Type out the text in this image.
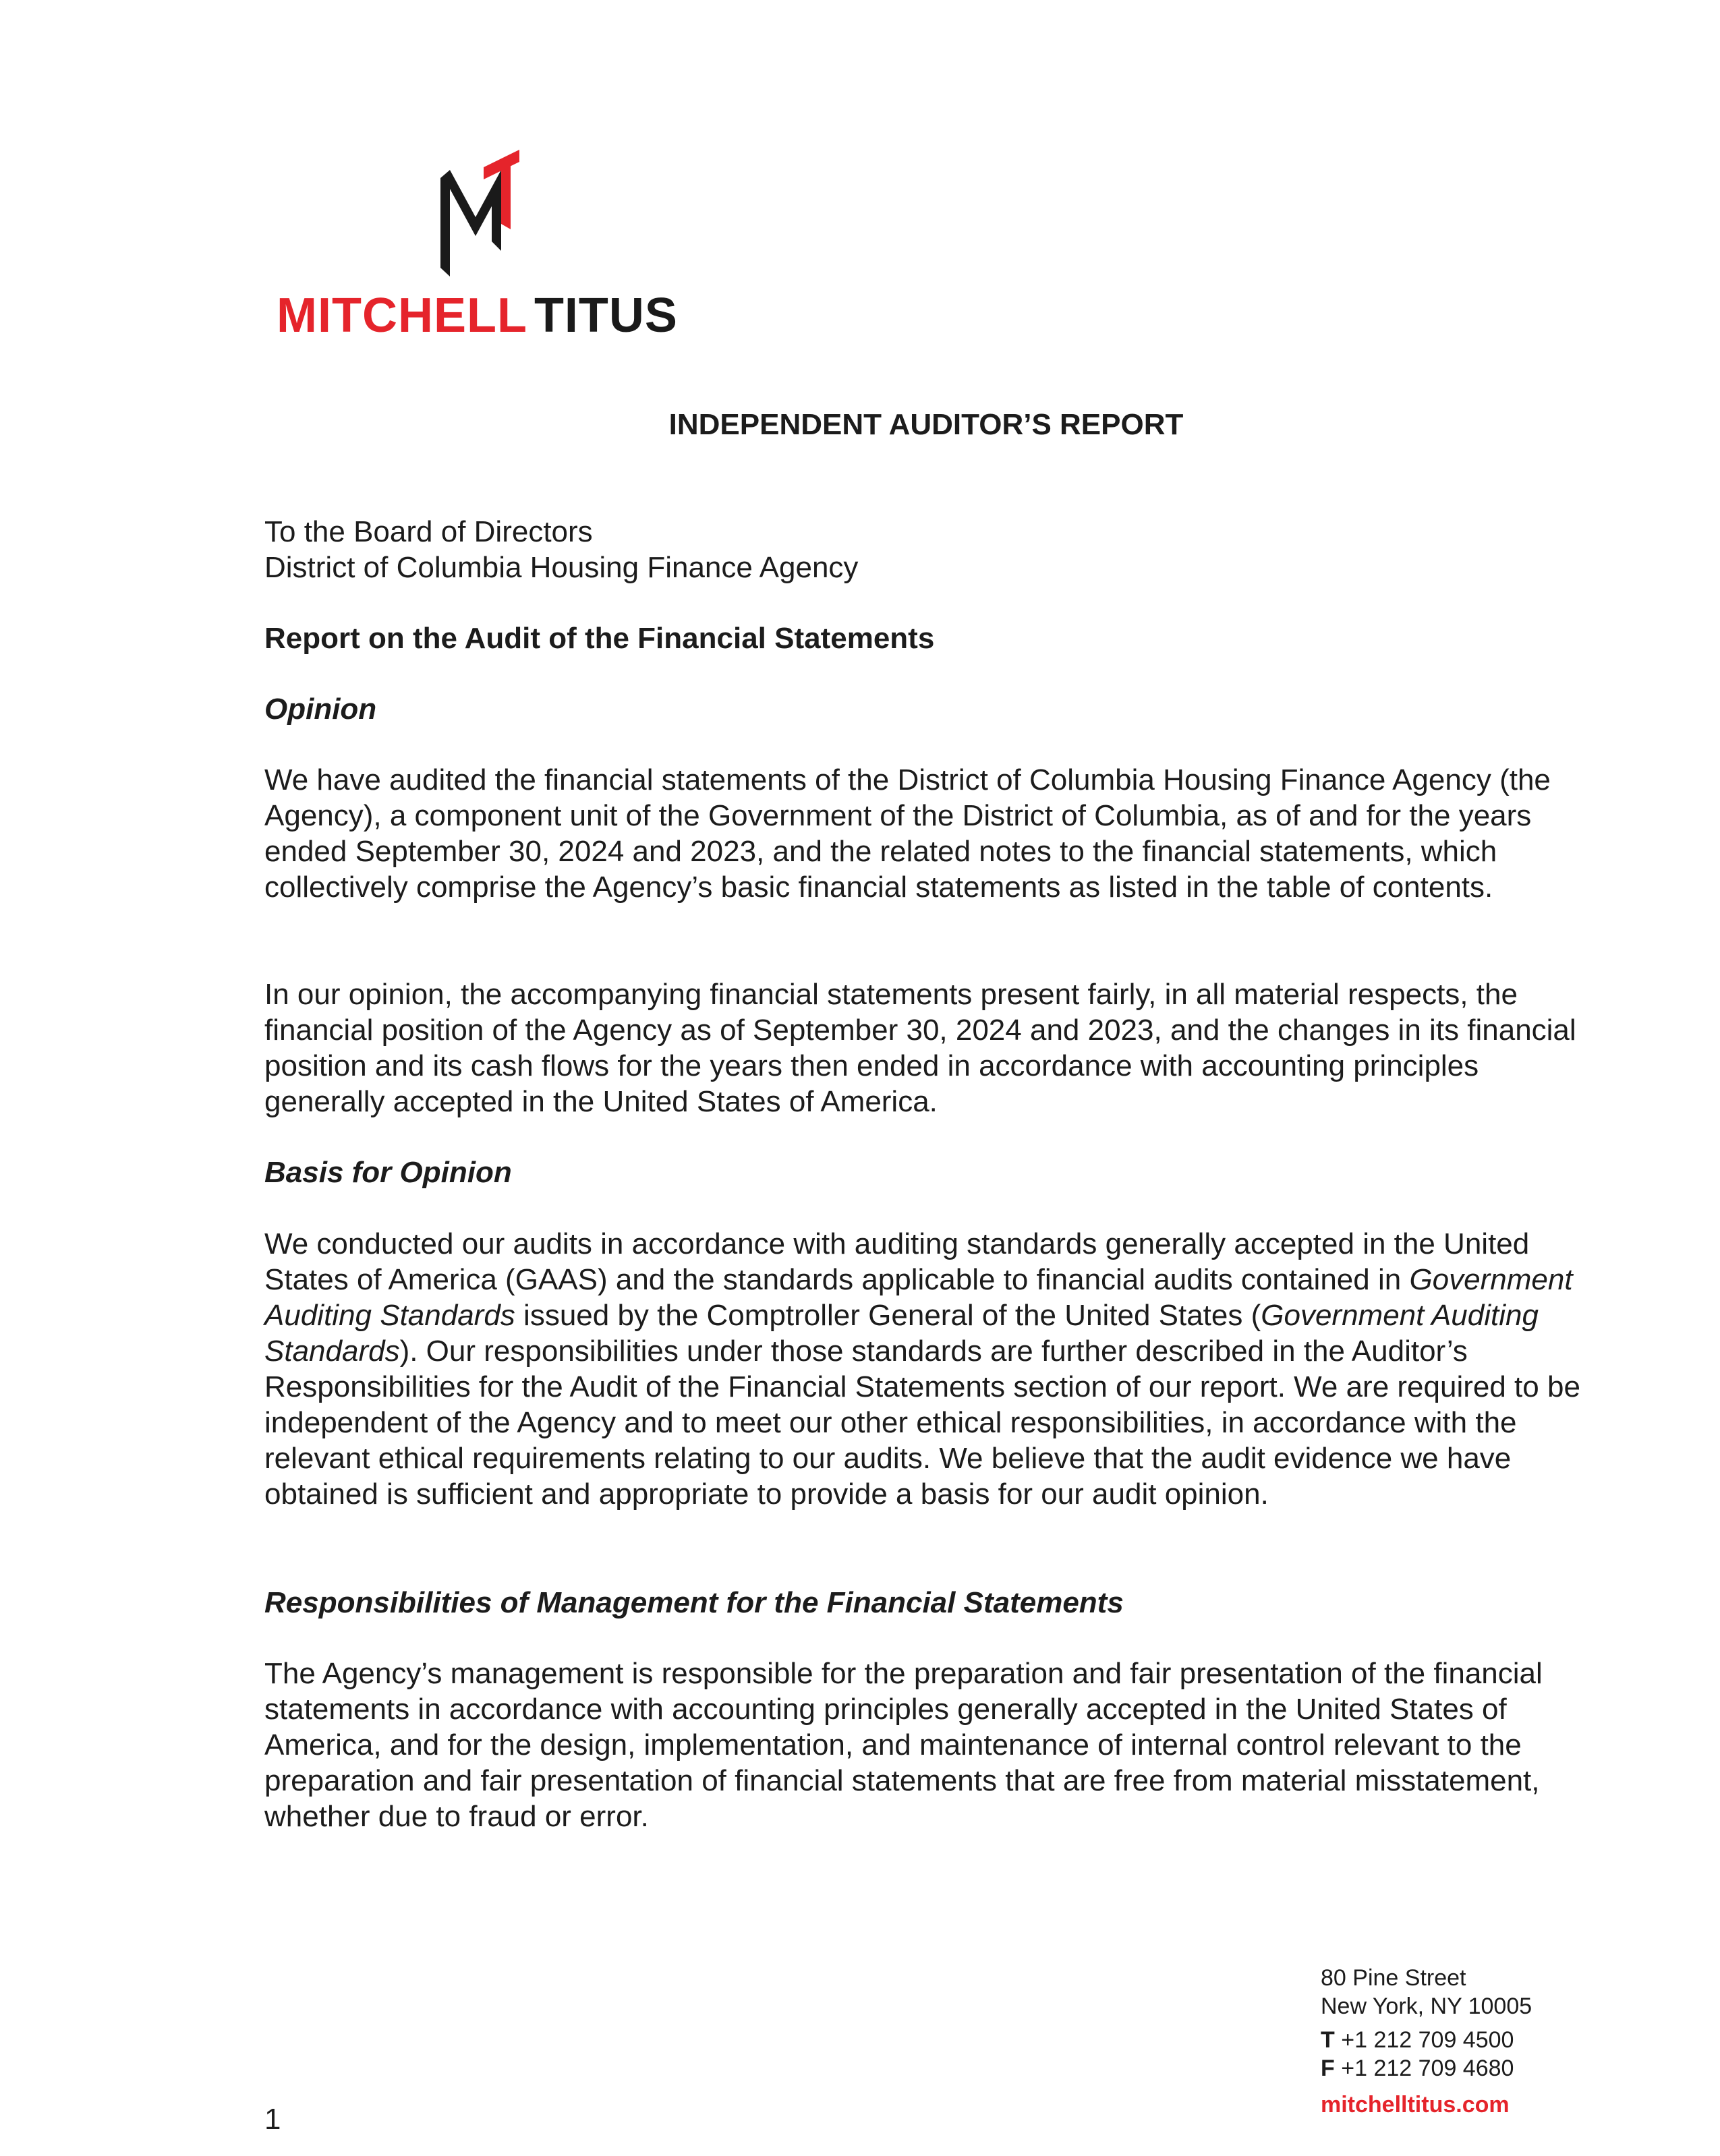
MITCHELL TITUS
INDEPENDENT AUDITOR’S REPORT

To the Board of Directors

District of Columbia Housing Finance Agency

Report on the Audit of the Financial Statements
Opinion
We have audited the financial statements of the District of Columbia Housing Finance Agency (the Agency), a component unit of the Government of the District of Columbia, as of and for the years ended September 30, 2024 and 2023, and the related notes to the financial statements, which collectively comprise the Agency’s basic financial statements as listed in the table of contents.
In our opinion, the accompanying financial statements present fairly, in all material respects, the financial position of the Agency as of September 30, 2024 and 2023, and the changes in its financial position and its cash flows for the years then ended in accordance with accounting principles generally accepted in the United States of America.
Basis for Opinion
We conducted our audits in accordance with auditing standards generally accepted in the United States of America (GAAS) and the standards applicable to financial audits contained in Government Auditing Standards issued by the Comptroller General of the United States (Government Auditing Standards). Our responsibilities under those standards are further described in the Auditor’s Responsibilities for the Audit of the Financial Statements section of our report. We are required to be independent of the Agency and to meet our other ethical responsibilities, in accordance with the relevant ethical requirements relating to our audits. We believe that the audit evidence we have obtained is sufficient and appropriate to provide a basis for our audit opinion.
Responsibilities of Management for the Financial Statements
The Agency’s management is responsible for the preparation and fair presentation of the financial statements in accordance with accounting principles generally accepted in the United States of America, and for the design, implementation, and maintenance of internal control relevant to the preparation and fair presentation of financial statements that are free from material misstatement, whether due to fraud or error.
80 Pine Street
New York, NY 10005
T +1 212 709 4500
F +1 212 709 4680
mitchelltitus.com
1
